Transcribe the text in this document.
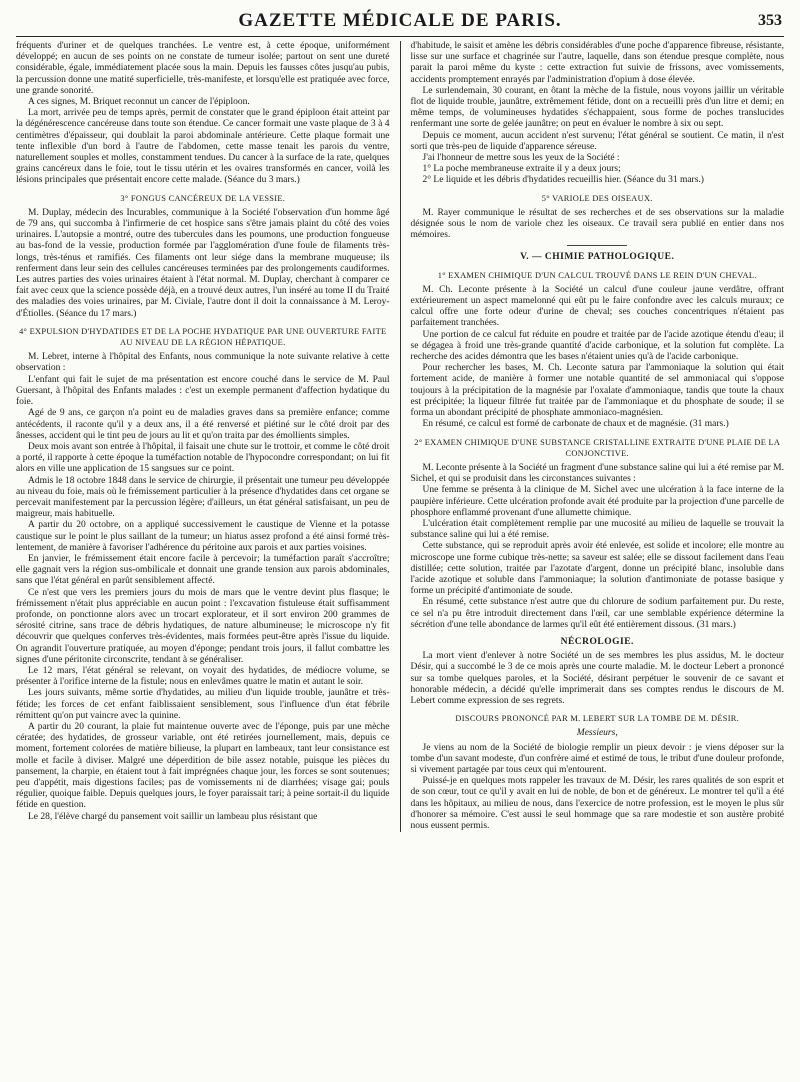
GAZETTE MÉDICALE DE PARIS.	353

fréquents d'uriner et de quelques tranchées. Le ventre est, à cette époque, uniformément développé; en aucun de ses points on ne constate de tumeur isolée; partout on sent une dureté considérable, égale, immédiatement placée sous la main. Depuis les fausses côtes jusqu'au pubis, la percussion donne une matité superficielle, très-manifeste, et lorsqu'elle est pratiquée avec force, une grande sonorité.

A ces signes, M. Briquet reconnut un cancer de l'épiploon.

La mort, arrivée peu de temps après, permit de constater que le grand épiploon était atteint par la dégénérescence cancéreuse dans toute son étendue. Ce cancer formait une vaste plaque de 3 à 4 centimètres d'épaisseur, qui doublait la paroi abdominale antérieure. Cette plaque formait une tente inflexible d'un bord à l'autre de l'abdomen, cette masse tenait les parois du ventre, naturellement souples et molles, constamment tendues. Du cancer à la surface de la rate, quelques grains cancéreux dans le foie, tout le tissu utérin et les ovaires transformés en cancer, voilà les lésions principales que présentait encore cette malade. (Séance du 3 mars.)

3° FONGUS CANCÉREUX DE LA VESSIE.

M. Duplay, médecin des Incurables, communique à la Société l'observation d'un homme âgé de 79 ans, qui succomba à l'infirmerie de cet hospice sans s'être jamais plaint du côté des voies urinaires. L'autopsie a montré, outre des tubercules dans les poumons, une production fongueuse au bas-fond de la vessie, production formée par l'agglomération d'une foule de filaments très-longs, très-ténus et ramifiés. Ces filaments ont leur siége dans la membrane muqueuse; ils renferment dans leur sein des cellules cancéreuses terminées par des prolongements caudiformes. Les autres parties des voies urinaires étaient à l'état normal. M. Duplay, cherchant à comparer ce fait avec ceux que la science possède déjà, en a trouvé deux autres, l'un inséré au tome II du Traité des maladies des voies urinaires, par M. Civiale, l'autre dont il doit la connaissance à M. Leroy-d'Étiolles. (Séance du 17 mars.)

4° EXPULSION D'HYDATIDES ET DE LA POCHE HYDATIQUE PAR UNE OUVERTURE FAITE AU NIVEAU DE LA RÉGION HÉPATIQUE.

M. Lebret, interne à l'hôpital des Enfants, nous communique la note suivante relative à cette observation :

L'enfant qui fait le sujet de ma présentation est encore couché dans le service de M. Paul Guersant, à l'hôpital des Enfants malades : c'est un exemple permanent d'affection hydatique du foie.

Agé de 9 ans, ce garçon n'a point eu de maladies graves dans sa première enfance; comme antécédents, il raconte qu'il y a deux ans, il a été renversé et piétiné sur le côté droit par des ânesses, accident qui le tint peu de jours au lit et qu'on traita par des émollients simples.

Deux mois avant son entrée à l'hôpital, il faisait une chute sur le trottoir, et comme le côté droit a porté, il rapporte à cette époque la tuméfaction notable de l'hypocondre correspondant; on lui fit alors en ville une application de 15 sangsues sur ce point.

Admis le 18 octobre 1848 dans le service de chirurgie, il présentait une tumeur peu développée au niveau du foie, mais où le frémissement particulier à la présence d'hydatides dans cet organe se percevait manifestement par la percussion légère; d'ailleurs, un état général satisfaisant, un peu de maigreur, mais habituelle.

A partir du 20 octobre, on a appliqué successivement le caustique de Vienne et la potasse caustique sur le point le plus saillant de la tumeur; un hiatus assez profond a été ainsi formé très-lentement, de manière à favoriser l'adhérence du péritoine aux parois et aux parties voisines.

En janvier, le frémissement était encore facile à percevoir; la tuméfaction paraît s'accroître; elle gagnait vers la région sus-ombilicale et donnait une grande tension aux parois abdominales, sans que l'état général en parût sensiblement affecté.

Ce n'est que vers les premiers jours du mois de mars que le ventre devint plus flasque; le frémissement n'était plus appréciable en aucun point : l'excavation fistuleuse était suffisamment profonde, on ponctionne alors avec un trocart explorateur, et il sort environ 200 grammes de sérosité citrine, sans trace de débris hydatiques, de nature albumineuse; le microscope n'y fit découvrir que quelques conferves très-évidentes, mais formées peut-être après l'issue du liquide. On agrandit l'ouverture pratiquée, au moyen d'éponge; pendant trois jours, il fallut combattre les signes d'une péritonite circonscrite, tendant à se généraliser.

Le 12 mars, l'état général se relevant, on voyait des hydatides, de médiocre volume, se présenter à l'orifice interne de la fistule; nous en enlevâmes quatre le matin et autant le soir.

Les jours suivants, même sortie d'hydatides, au milieu d'un liquide trouble, jaunâtre et très-fétide; les forces de cet enfant faiblissaient sensiblement, sous l'influence d'un état fébrile rémittent qu'on put vaincre avec la quinine.

A partir du 20 courant, la plaie fut maintenue ouverte avec de l'éponge, puis par une mèche cératée; des hydatides, de grosseur variable, ont été retirées journellement, mais, depuis ce moment, fortement colorées de matière bilieuse, la plupart en lambeaux, tant leur consistance est molle et facile à diviser. Malgré une déperdition de bile assez notable, puisque les pièces du pansement, la charpie, en étaient tout à fait imprégnées chaque jour, les forces se sont soutenues; peu d'appétit, mais digestions faciles; pas de vomissements ni de diarrhées; visage gai; pouls régulier, quoique faible. Depuis quelques jours, le foyer paraissait tari; à peine sortait-il du liquide fétide en question.

Le 28, l'élève chargé du pansement voit saillir un lambeau plus résistant que

d'habitude, le saisit et amène les débris considérables d'une poche d'apparence fibreuse, résistante, lisse sur une surface et chagrinée sur l'autre, laquelle, dans son étendue presque complète, nous parait la paroi même du kyste : cette extraction fut suivie de frissons, avec vomissements, accidents promptement enrayés par l'administration d'opium à dose élevée.

Le surlendemain, 30 courant, en ôtant la mèche de la fistule, nous voyons jaillir un véritable flot de liquide trouble, jaunâtre, extrêmement fétide, dont on a recueilli près d'un litre et demi; en même temps, de volumineuses hydatides s'échappaient, sous forme de poches translucides renfermant une sorte de gelée jaunâtre; on peut en évaluer le nombre à six ou sept.

Depuis ce moment, aucun accident n'est survenu; l'état général se soutient. Ce matin, il n'est sorti que très-peu de liquide d'apparence séreuse.

J'ai l'honneur de mettre sous les yeux de la Société :

1° La poche membraneuse extraite il y a deux jours;

2° Le liquide et les débris d'hydatides recueillis hier. (Séance du 31 mars.)

5° VARIOLE DES OISEAUX.

M. Rayer communique le résultat de ses recherches et de ses observations sur la maladie désignée sous le nom de variole chez les oiseaux. Ce travail sera publié en entier dans nos mémoires.

V. — CHIMIE PATHOLOGIQUE.
1° EXAMEN CHIMIQUE D'UN CALCUL TROUVÉ DANS LE REIN D'UN CHEVAL.

M. Ch. Leconte présente à la Société un calcul d'une couleur jaune verdâtre, offrant extérieurement un aspect mamelonné qui eût pu le faire confondre avec les calculs muraux; ce calcul offre une forte odeur d'urine de cheval; ses couches concentriques n'étaient pas parfaitement tranchées.

Une portion de ce calcul fut réduite en poudre et traitée par de l'acide azotique étendu d'eau; il se dégagea à froid une très-grande quantité d'acide carbonique, et la solution fut complète. La recherche des acides démontra que les bases n'étaient unies qu'à de l'acide carbonique.

Pour rechercher les bases, M. Ch. Leconte satura par l'ammoniaque la solution qui était fortement acide, de manière à former une notable quantité de sel ammoniacal qui s'oppose toujours à la précipitation de la magnésie par l'oxalate d'ammoniaque, tandis que toute la chaux est précipitée; la liqueur filtrée fut traitée par de l'ammoniaque et du phosphate de soude; il se forma un abondant précipité de phosphate ammoniaco-magnésien.

En résumé, ce calcul est formé de carbonate de chaux et de magnésie. (31 mars.)

2° EXAMEN CHIMIQUE D'UNE SUBSTANCE CRISTALLINE EXTRAITE D'UNE PLAIE DE LA CONJONCTIVE.

M. Leconte présente à la Société un fragment d'une substance saline qui lui a été remise par M. Sichel, et qui se produisit dans les circonstances suivantes :

Une femme se présenta à la clinique de M. Sichel avec une ulcération à la face interne de la paupière inférieure. Cette ulcération profonde avait été produite par la projection d'une parcelle de phosphore enflammé provenant d'une allumette chimique.

L'ulcération était complètement remplie par une mucosité au milieu de laquelle se trouvait la substance saline qui lui a été remise.

Cette substance, qui se reproduit après avoir été enlevée, est solide et incolore; elle montre au microscope une forme cubique très-nette; sa saveur est salée; elle se dissout facilement dans l'eau distillée; cette solution, traitée par l'azotate d'argent, donne un précipité blanc, insoluble dans l'acide azotique et soluble dans l'ammoniaque; la solution d'antimoniate de potasse basique y forme un précipité d'antimoniate de soude.

En résumé, cette substance n'est autre que du chlorure de sodium parfaitement pur. Du reste, ce sel n'a pu être introduit directement dans l'œil, car une semblable expérience détermine la sécrétion d'une telle abondance de larmes qu'il eût été entièrement dissous. (31 mars.)

NÉCROLOGIE.

La mort vient d'enlever à notre Société un de ses membres les plus assidus, M. le docteur Désir, qui a succombé le 3 de ce mois après une courte maladie. M. le docteur Lebert a prononcé sur sa tombe quelques paroles, et la Société, désirant perpétuer le souvenir de ce savant et honorable médecin, a décidé qu'elle imprimerait dans ses comptes rendus le discours de M. Lebert comme expression de ses regrets.

DISCOURS PRONONCÉ PAR M. LEBERT SUR LA TOMBE DE M. DÉSIR.
Messieurs,

Je viens au nom de la Société de biologie remplir un pieux devoir : je viens déposer sur la tombe d'un savant modeste, d'un confrère aimé et estimé de tous, le tribut d'une douleur profonde, si vivement partagée par tous ceux qui m'entourent.

Puissé-je en quelques mots rappeler les travaux de M. Désir, les rares qualités de son esprit et de son cœur, tout ce qu'il y avait en lui de noble, de bon et de généreux. Le montrer tel qu'il a été dans les hôpitaux, au milieu de nous, dans l'exercice de notre profession, est le moyen le plus sûr d'honorer sa mémoire. C'est aussi le seul hommage que sa rare modestie et son austère probité nous eussent permis.
